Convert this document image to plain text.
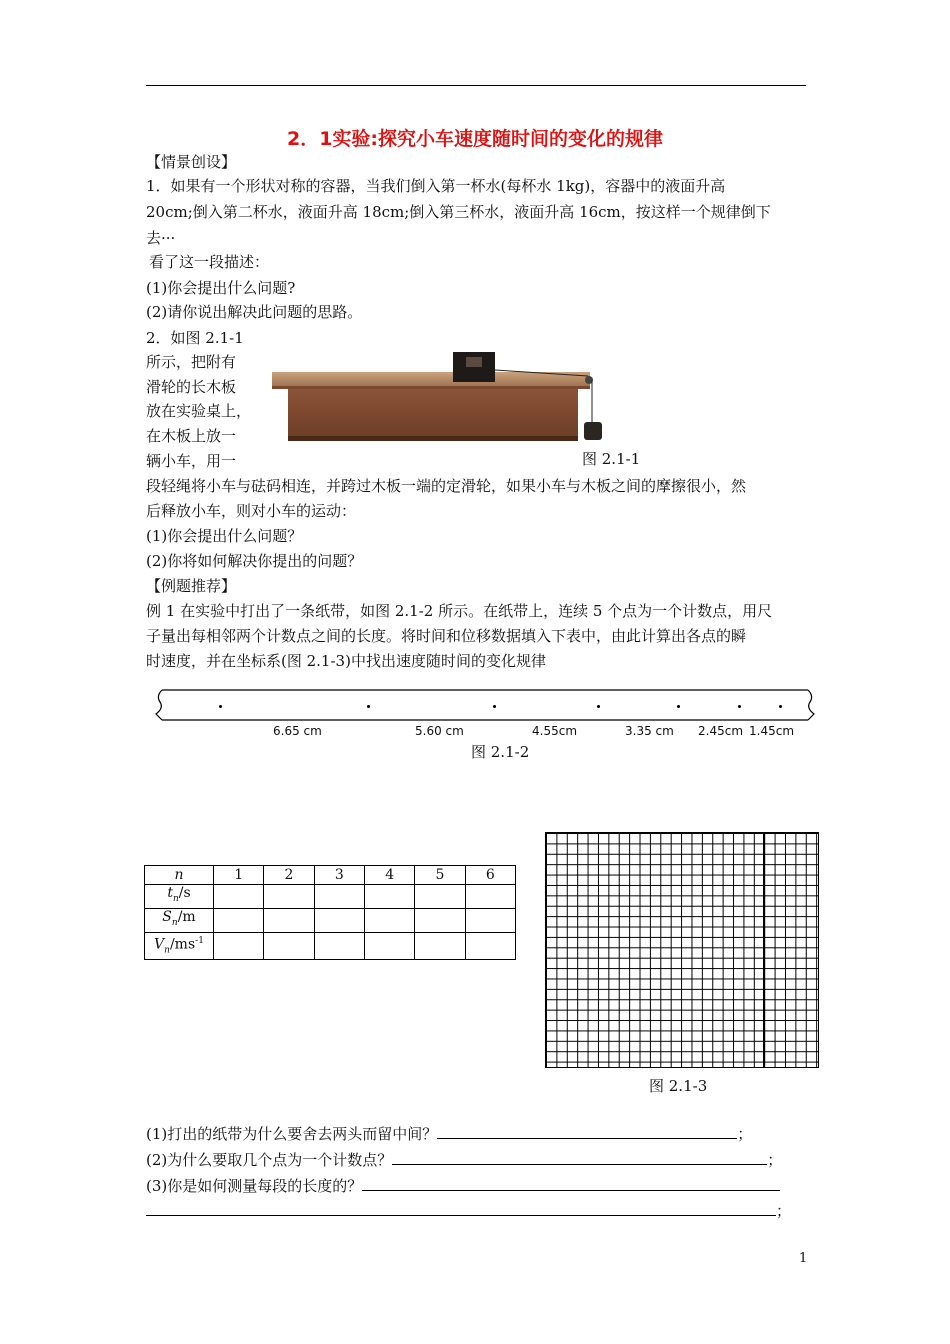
2．1实验:探究小车速度随时间的变化的规律
【情景创设】
1．如果有一个形状对称的容器，当我们倒入第一杯水(每杯水 1kg)，容器中的液面升高
20cm;倒入第二杯水，液面升高 18cm;倒入第三杯水，液面升高 16cm，按这样一个规律倒下
去···
看了这一段描述：
(1)你会提出什么问题?
(2)请你说出解决此问题的思路。
2．如图 2.1-1
所示，把附有
滑轮的长木板
放在实验桌上，
在木板上放一
辆小车，用一	图 2.1-1
段轻绳将小车与砝码相连，并跨过木板一端的定滑轮，如果小车与木板之间的摩擦很小，然
后释放小车，则对小车的运动：
(1)你会提出什么问题？
(2)你将如何解决你提出的问题？
【例题推荐】
例 1 在实验中打出了一条纸带，如图 2.1-2 所示。在纸带上，连续 5 个点为一个计数点，用尺
子量出每相邻两个计数点之间的长度。将时间和位移数据填入下表中，由此计算出各点的瞬
时速度，并在坐标系(图 2.1-3)中找出速度随时间的变化规律
6.65 cm	5.60 cm	4.55cm	3.35 cm 2.45cm 1.45cm
图 2.1-2
n	1	2	3	4	5	6
$t_n/s$						
$S_n/m$						
$V_n/ms^{-1}$						
图 2.1-3
(1)打出的纸带为什么要舍去两头而留中间？	；
(2)为什么要取几个点为一个计数点？	；
(3)你是如何测量每段的长度的？
；
1
